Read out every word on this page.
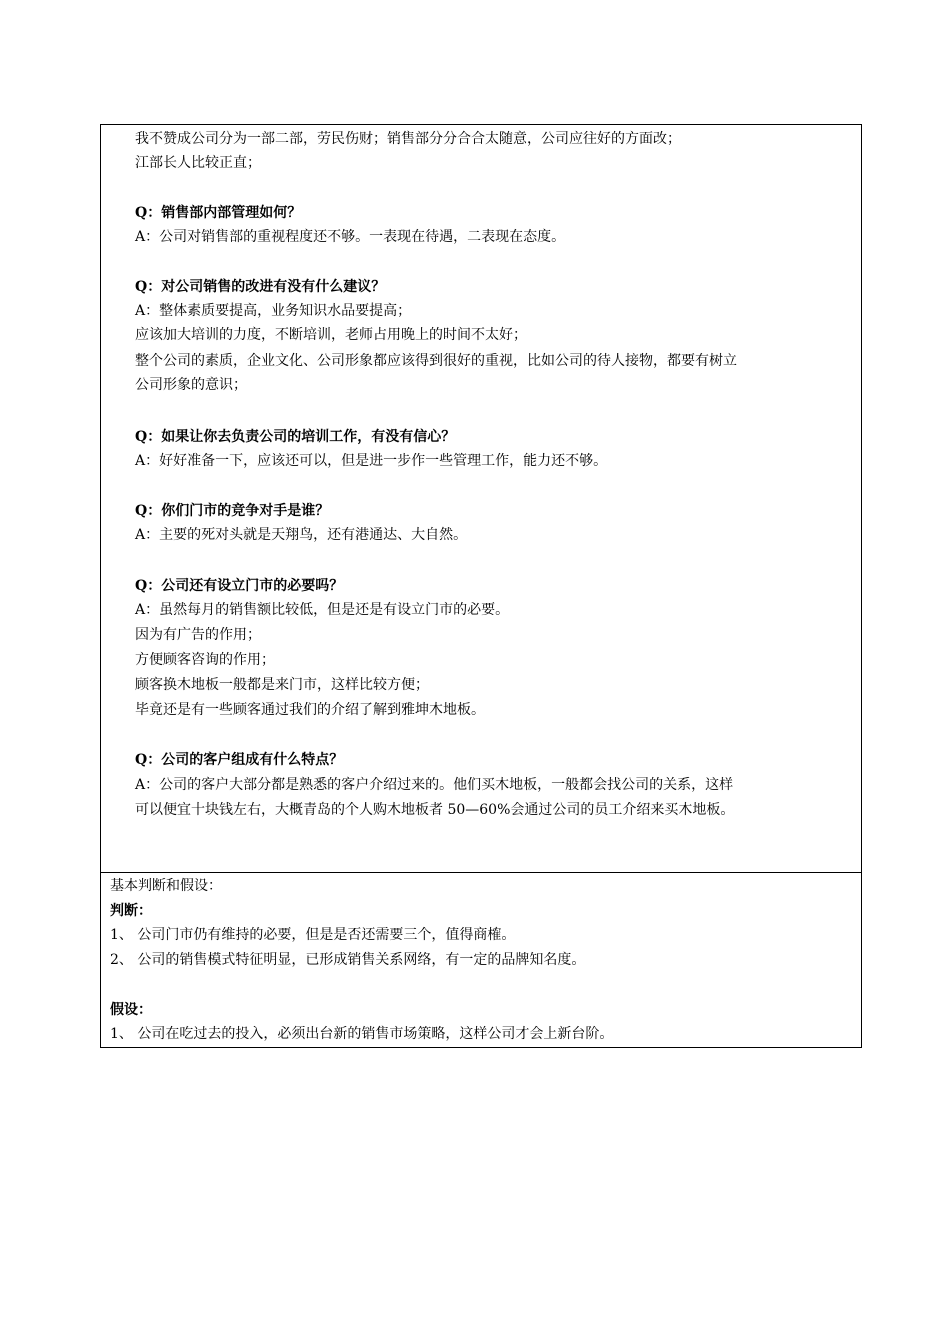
我不赞成公司分为一部二部，劳民伤财；销售部分分合合太随意，公司应往好的方面改；
江部长人比较正直；
Q：销售部内部管理如何？
A：公司对销售部的重视程度还不够。一表现在待遇，二表现在态度。
Q：对公司销售的改进有没有什么建议？
A：整体素质要提高，业务知识水品要提高；
应该加大培训的力度，不断培训，老师占用晚上的时间不太好；
整个公司的素质，企业文化、公司形象都应该得到很好的重视，比如公司的待人接物，都要有树立
公司形象的意识；
Q：如果让你去负责公司的培训工作，有没有信心？
A：好好准备一下，应该还可以，但是进一步作一些管理工作，能力还不够。
Q：你们门市的竞争对手是谁？
A：主要的死对头就是天翔鸟，还有港通达、大自然。
Q：公司还有设立门市的必要吗？
A：虽然每月的销售额比较低，但是还是有设立门市的必要。
因为有广告的作用；
方便顾客咨询的作用；
顾客换木地板一般都是来门市，这样比较方便；
毕竟还是有一些顾客通过我们的介绍了解到雅坤木地板。
Q：公司的客户组成有什么特点？
A：公司的客户大部分都是熟悉的客户介绍过来的。他们买木地板，一般都会找公司的关系，这样
可以便宜十块钱左右，大概青岛的个人购木地板者 50—60%会通过公司的员工介绍来买木地板。
基本判断和假设：
判断：
1、 公司门市仍有维持的必要，但是是否还需要三个，值得商榷。
2、 公司的销售模式特征明显，已形成销售关系网络，有一定的品牌知名度。
假设：
1、 公司在吃过去的投入，必须出台新的销售市场策略，这样公司才会上新台阶。
